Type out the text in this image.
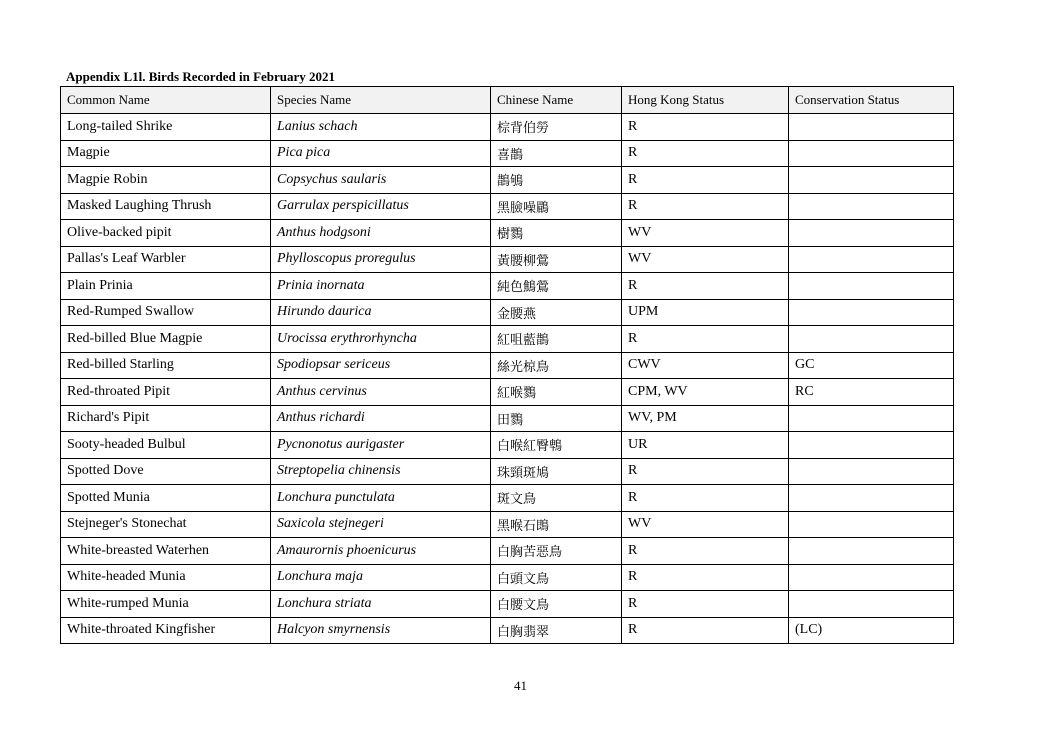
Appendix L1l. Birds Recorded in February 2021
Common Name	Species Name	Chinese Name	Hong Kong Status	Conservation Status
Long-tailed Shrike	Lanius schach	棕背伯勞	R	
Magpie	Pica pica	喜鵲	R	
Magpie Robin	Copsychus saularis	鵲鴝	R	
Masked Laughing Thrush	Garrulax perspicillatus	黑臉噪鶥	R	
Olive-backed pipit	Anthus hodgsoni	樹鷚	WV	
Pallas's Leaf Warbler	Phylloscopus proregulus	黃腰柳鶯	WV	
Plain Prinia	Prinia inornata	純色鷦鶯	R	
Red-Rumped Swallow	Hirundo daurica	金腰燕	UPM	
Red-billed Blue Magpie	Urocissa erythrorhyncha	紅咀藍鵲	R	
Red-billed Starling	Spodiopsar sericeus	絲光椋鳥	CWV	GC
Red-throated Pipit	Anthus cervinus	紅喉鷚	CPM, WV	RC
Richard's Pipit	Anthus richardi	田鷚	WV, PM	
Sooty-headed Bulbul	Pycnonotus aurigaster	白喉紅臀鵯	UR	
Spotted Dove	Streptopelia chinensis	珠頸斑鳩	R	
Spotted Munia	Lonchura punctulata	斑文鳥	R	
Stejneger's Stonechat	Saxicola stejnegeri	黑喉石鵖	WV	
White-breasted Waterhen	Amaurornis phoenicurus	白胸苦惡鳥	R	
White-headed Munia	Lonchura maja	白頭文鳥	R	
White-rumped Munia	Lonchura striata	白腰文鳥	R	
White-throated Kingfisher	Halcyon smyrnensis	白胸翡翠	R	(LC)
41
